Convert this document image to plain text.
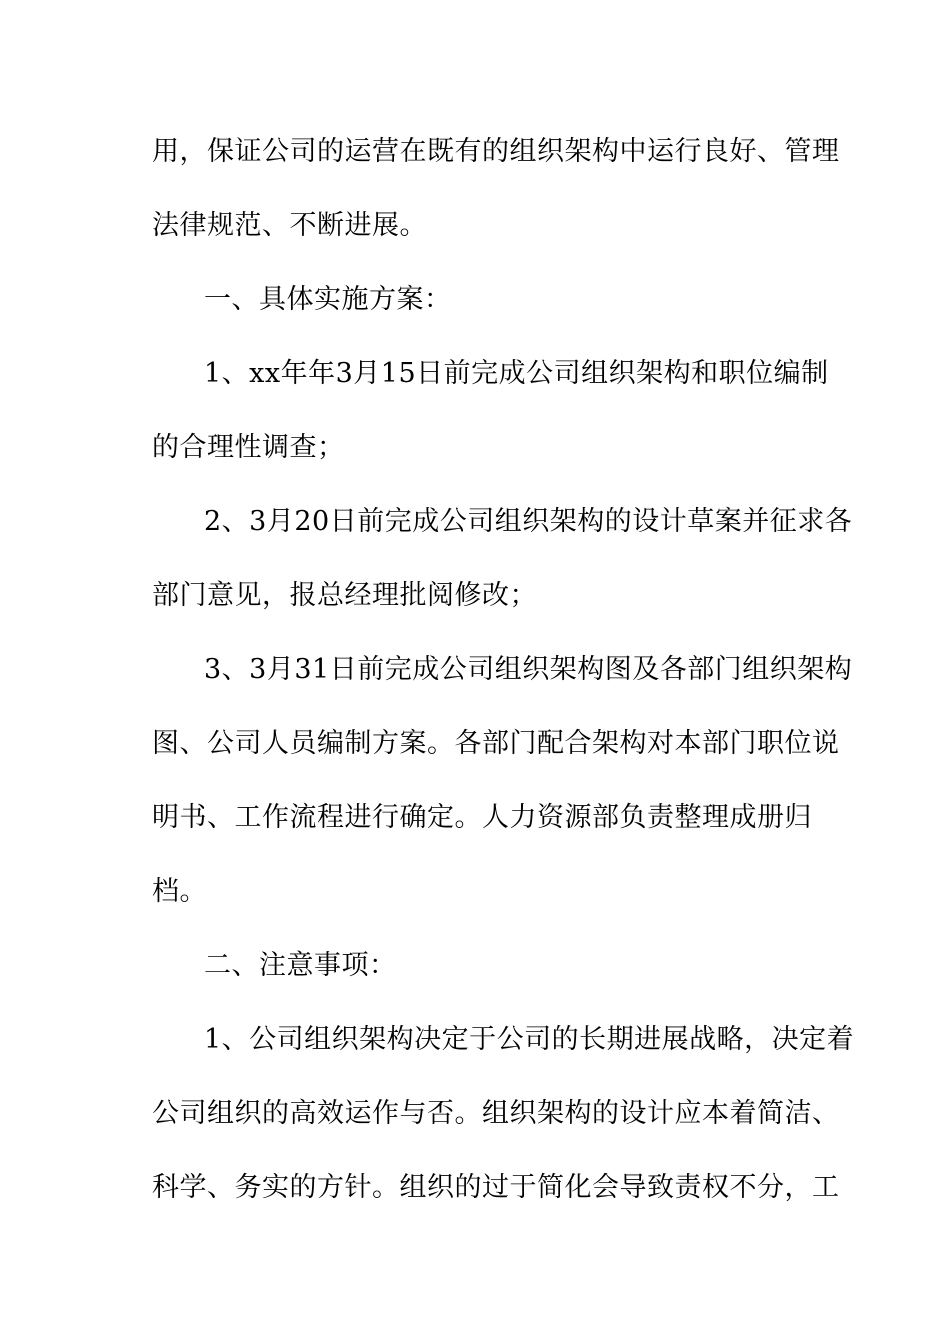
用，保证公司的运营在既有的组织架构中运行良好、管理
法律规范、不断进展。
一、具体实施方案：
1、xx年年3月15日前完成公司组织架构和职位编制
的合理性调查；
2、3月20日前完成公司组织架构的设计草案并征求各
部门意见，报总经理批阅修改；
3、3月31日前完成公司组织架构图及各部门组织架构
图、公司人员编制方案。各部门配合架构对本部门职位说
明书、工作流程进行确定。人力资源部负责整理成册归
档。
二、注意事项：
1、公司组织架构决定于公司的长期进展战略，决定着
公司组织的高效运作与否。组织架构的设计应本着简洁、
科学、务实的方针。组织的过于简化会导致责权不分，工
